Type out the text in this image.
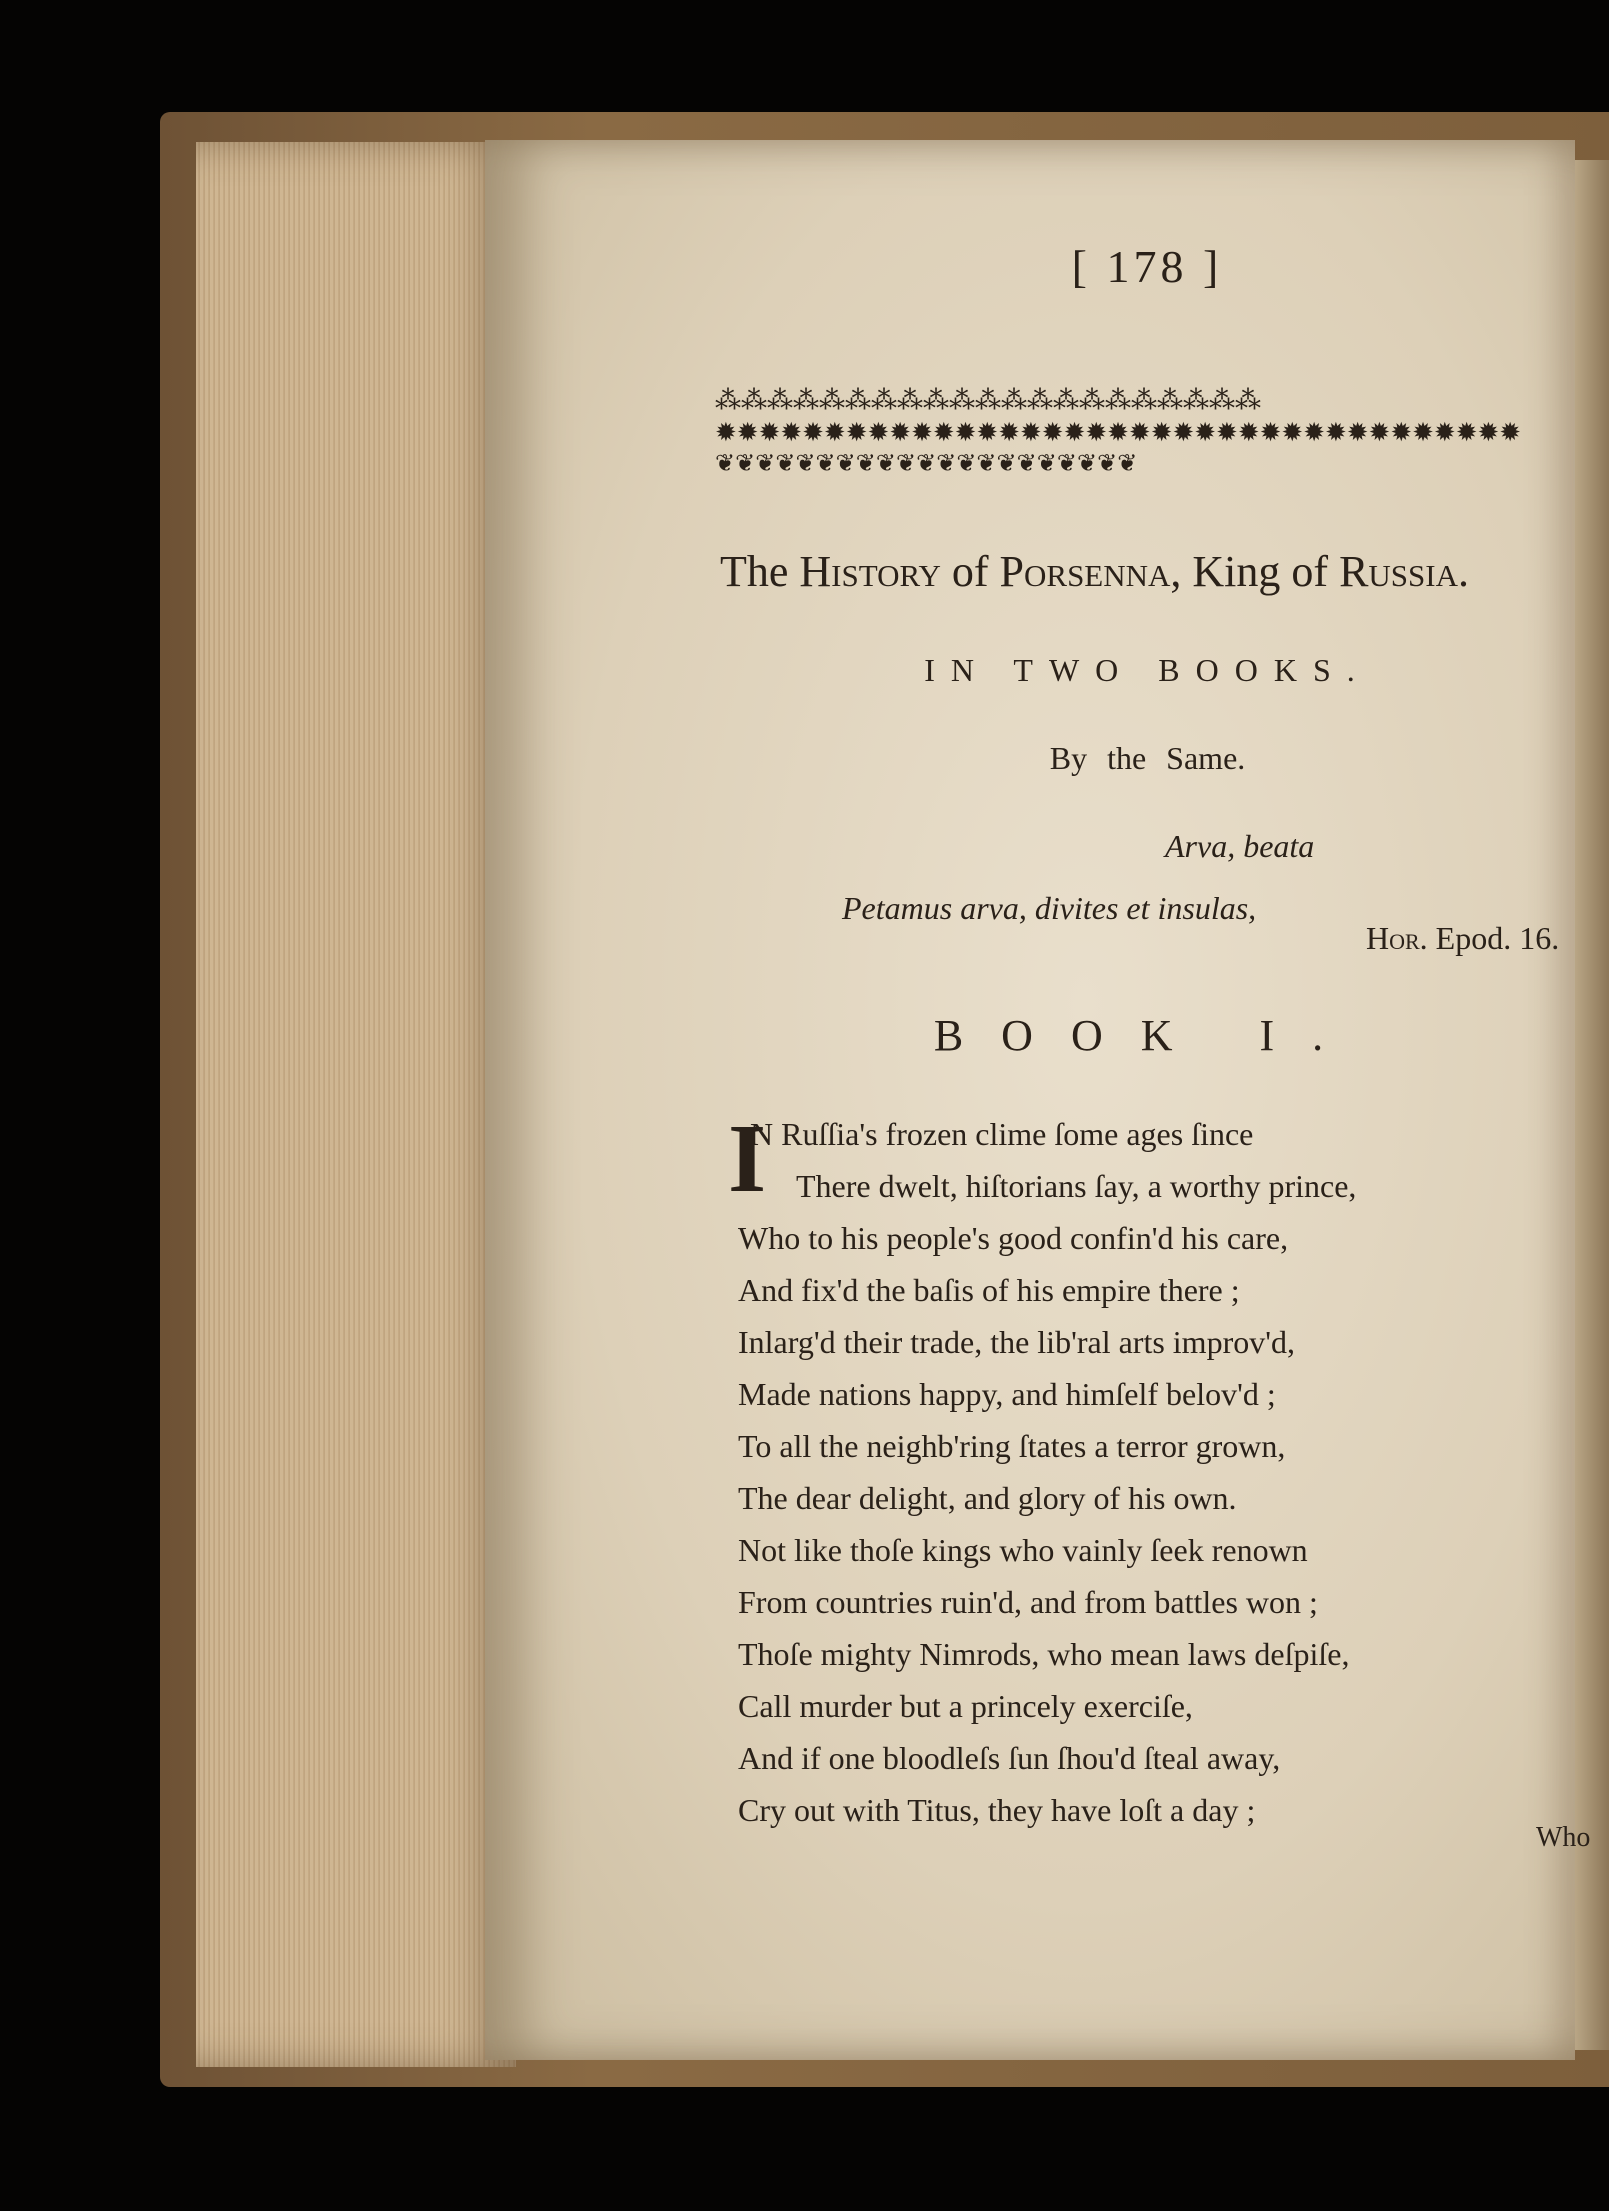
[ 178 ]
⁂⁂⁂⁂⁂⁂⁂⁂⁂⁂⁂⁂⁂⁂⁂⁂⁂⁂⁂⁂⁂
✹✹✹✹✹✹✹✹✹✹✹✹✹✹✹✹✹✹✹✹✹✹✹✹✹✹✹✹✹✹✹✹✹✹✹✹✹
❦❦❦❦❦❦❦❦❦❦❦❦❦❦❦❦❦❦❦❦❦
The History of Porsenna, King of Russia.
IN TWO BOOKS.
By the Same.
Arva, beata
Petamus arva, divites et insulas,
Hor. Epod. 16.
BOOK I.
I
N Ruſſia's frozen clime ſome ages ſince
There dwelt, hiſtorians ſay, a worthy prince,
Who to his people's good confin'd his care,
And fix'd the baſis of his empire there ;
Inlarg'd their trade, the lib'ral arts improv'd,
Made nations happy, and himſelf belov'd ;
To all the neighb'ring ſtates a terror grown,
The dear delight, and glory of his own.
Not like thoſe kings who vainly ſeek renown
From countries ruin'd, and from battles won ;
Thoſe mighty Nimrods, who mean laws deſpiſe,
Call murder but a princely exerciſe,
And if one bloodleſs ſun ſhou'd ſteal away,
Cry out with Titus, they have loſt a day ;
Who
